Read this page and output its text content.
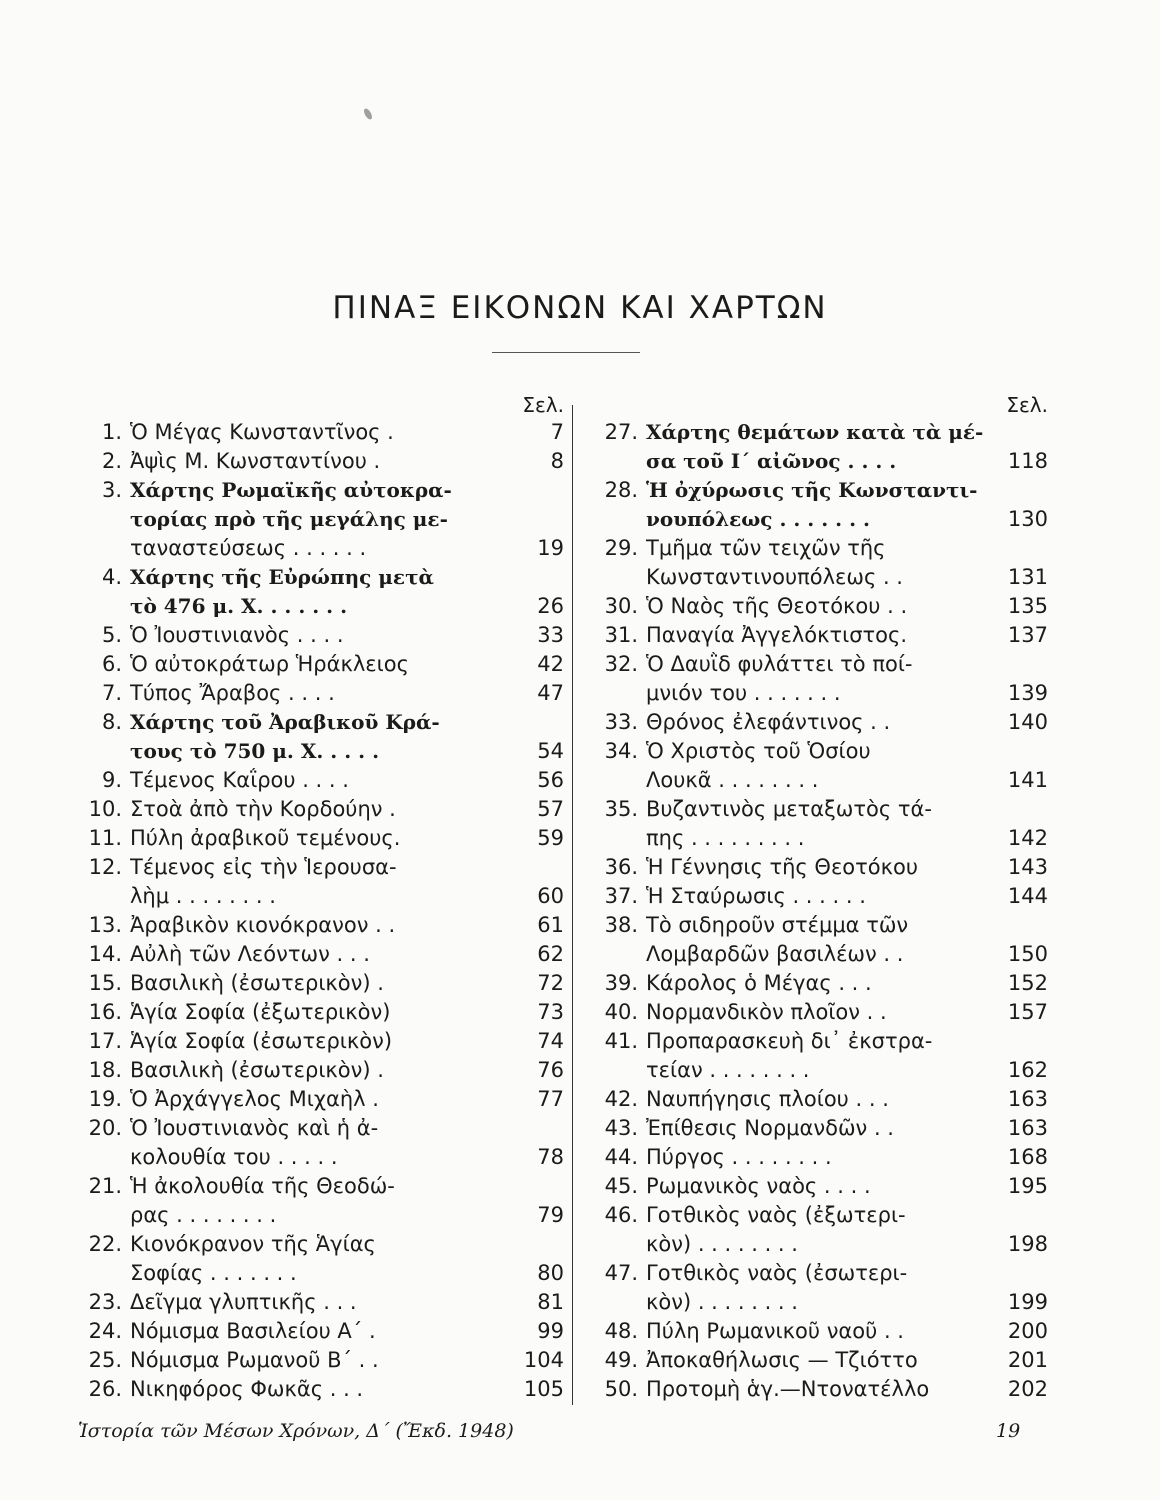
ΠΙΝΑΞ ΕΙΚΟΝΩΝ ΚΑΙ ΧΑΡΤΩΝ
Σελ.
1. Ὁ Μέγας Κωνσταντῖνος .	7
2. Ἀψὶς Μ. Κωνσταντίνου .	8
3. Χάρτης Ρωμαϊκῆς αὐτοκρα-
τορίας πρὸ τῆς μεγάλης με-
ταναστεύσεως . . . . . .	19
4. Χάρτης τῆς Εὐρώπης μετὰ
τὸ 476 μ. Χ. . . . . . .	26
5. Ὁ Ἰουστινιανὸς . . . .	33
6. Ὁ αὐτοκράτωρ Ἡράκλειος	42
7. Τύπος Ἄραβος . . . .	47
8. Χάρτης τοῦ Ἀραβικοῦ Κρά-
τους τὸ 750 μ. Χ. . . . .	54
9. Τέμενος Καΐρου . . . .	56
10. Στοὰ ἀπὸ τὴν Κορδούην .	57
11. Πύλη ἀραβικοῦ τεμένους.	59
12. Τέμενος εἰς τὴν Ἱερουσα-
λὴμ . . . . . . . .	60
13. Ἀραβικὸν κιονόκρανον . .	61
14. Αὐλὴ τῶν Λεόντων . . .	62
15. Βασιλικὴ (ἐσωτερικὸν) .	72
16. Ἁγία Σοφία (ἐξωτερικὸν)	73
17. Ἁγία Σοφία (ἐσωτερικὸν)	74
18. Βασιλικὴ (ἐσωτερικὸν) .	76
19. Ὁ Ἀρχάγγελος Μιχαὴλ .	77
20. Ὁ Ἰουστινιανὸς καὶ ἡ ἀ-
κολουθία του . . . . .	78
21. Ἡ ἀκολουθία τῆς Θεοδώ-
ρας . . . . . . . .	79
22. Κιονόκρανον τῆς Ἁγίας
Σοφίας . . . . . . .	80
23. Δεῖγμα γλυπτικῆς . . .	81
24. Νόμισμα Βασιλείου Α΄ .	99
25. Νόμισμα Ρωμανοῦ Β΄ . .	104
26. Νικηφόρος Φωκᾶς . . .	105
Σελ.
27. Χάρτης θεμάτων κατὰ τὰ μέ-
σα τοῦ Ι΄ αἰῶνος . . . .	118
28. Ἡ ὀχύρωσις τῆς Κωνσταντι-
νουπόλεως . . . . . . .	130
29. Τμῆμα τῶν τειχῶν τῆς
Κωνσταντινουπόλεως . .	131
30. Ὁ Ναὸς τῆς Θεοτόκου . .	135
31. Παναγία Ἀγγελόκτιστος.	137
32. Ὁ Δαυῒδ φυλάττει τὸ ποί-
μνιόν του . . . . . . .	139
33. Θρόνος ἐλεφάντινος . .	140
34. Ὁ Χριστὸς τοῦ Ὁσίου
Λουκᾶ . . . . . . . .	141
35. Βυζαντινὸς μεταξωτὸς τά-
πης . . . . . . . . .	142
36. Ἡ Γέννησις τῆς Θεοτόκου	143
37. Ἡ Σταύρωσις . . . . . .	144
38. Τὸ σιδηροῦν στέμμα τῶν
Λομβαρδῶν βασιλέων . .	150
39. Κάρολος ὁ Μέγας . . .	152
40. Νορμανδικὸν πλοῖον . .	157
41. Προπαρασκευὴ δι᾽ ἐκστρα-
τείαν . . . . . . . .	162
42. Ναυπήγησις πλοίου . . .	163
43. Ἐπίθεσις Νορμανδῶν . .	163
44. Πύργος . . . . . . . .	168
45. Ρωμανικὸς ναὸς . . . .	195
46. Γοτθικὸς ναὸς (ἐξωτερι-
κὸν) . . . . . . . .	198
47. Γοτθικὸς ναὸς (ἐσωτερι-
κὸν) . . . . . . . .	199
48. Πύλη Ρωμανικοῦ ναοῦ . .	200
49. Ἀποκαθήλωσις — Τζιόττο	201
50. Προτομὴ ἁγ.—Ντονατέλλο	202
Ἱστορία τῶν Μέσων Χρόνων, Δ΄ (Ἔκδ. 1948)	19
